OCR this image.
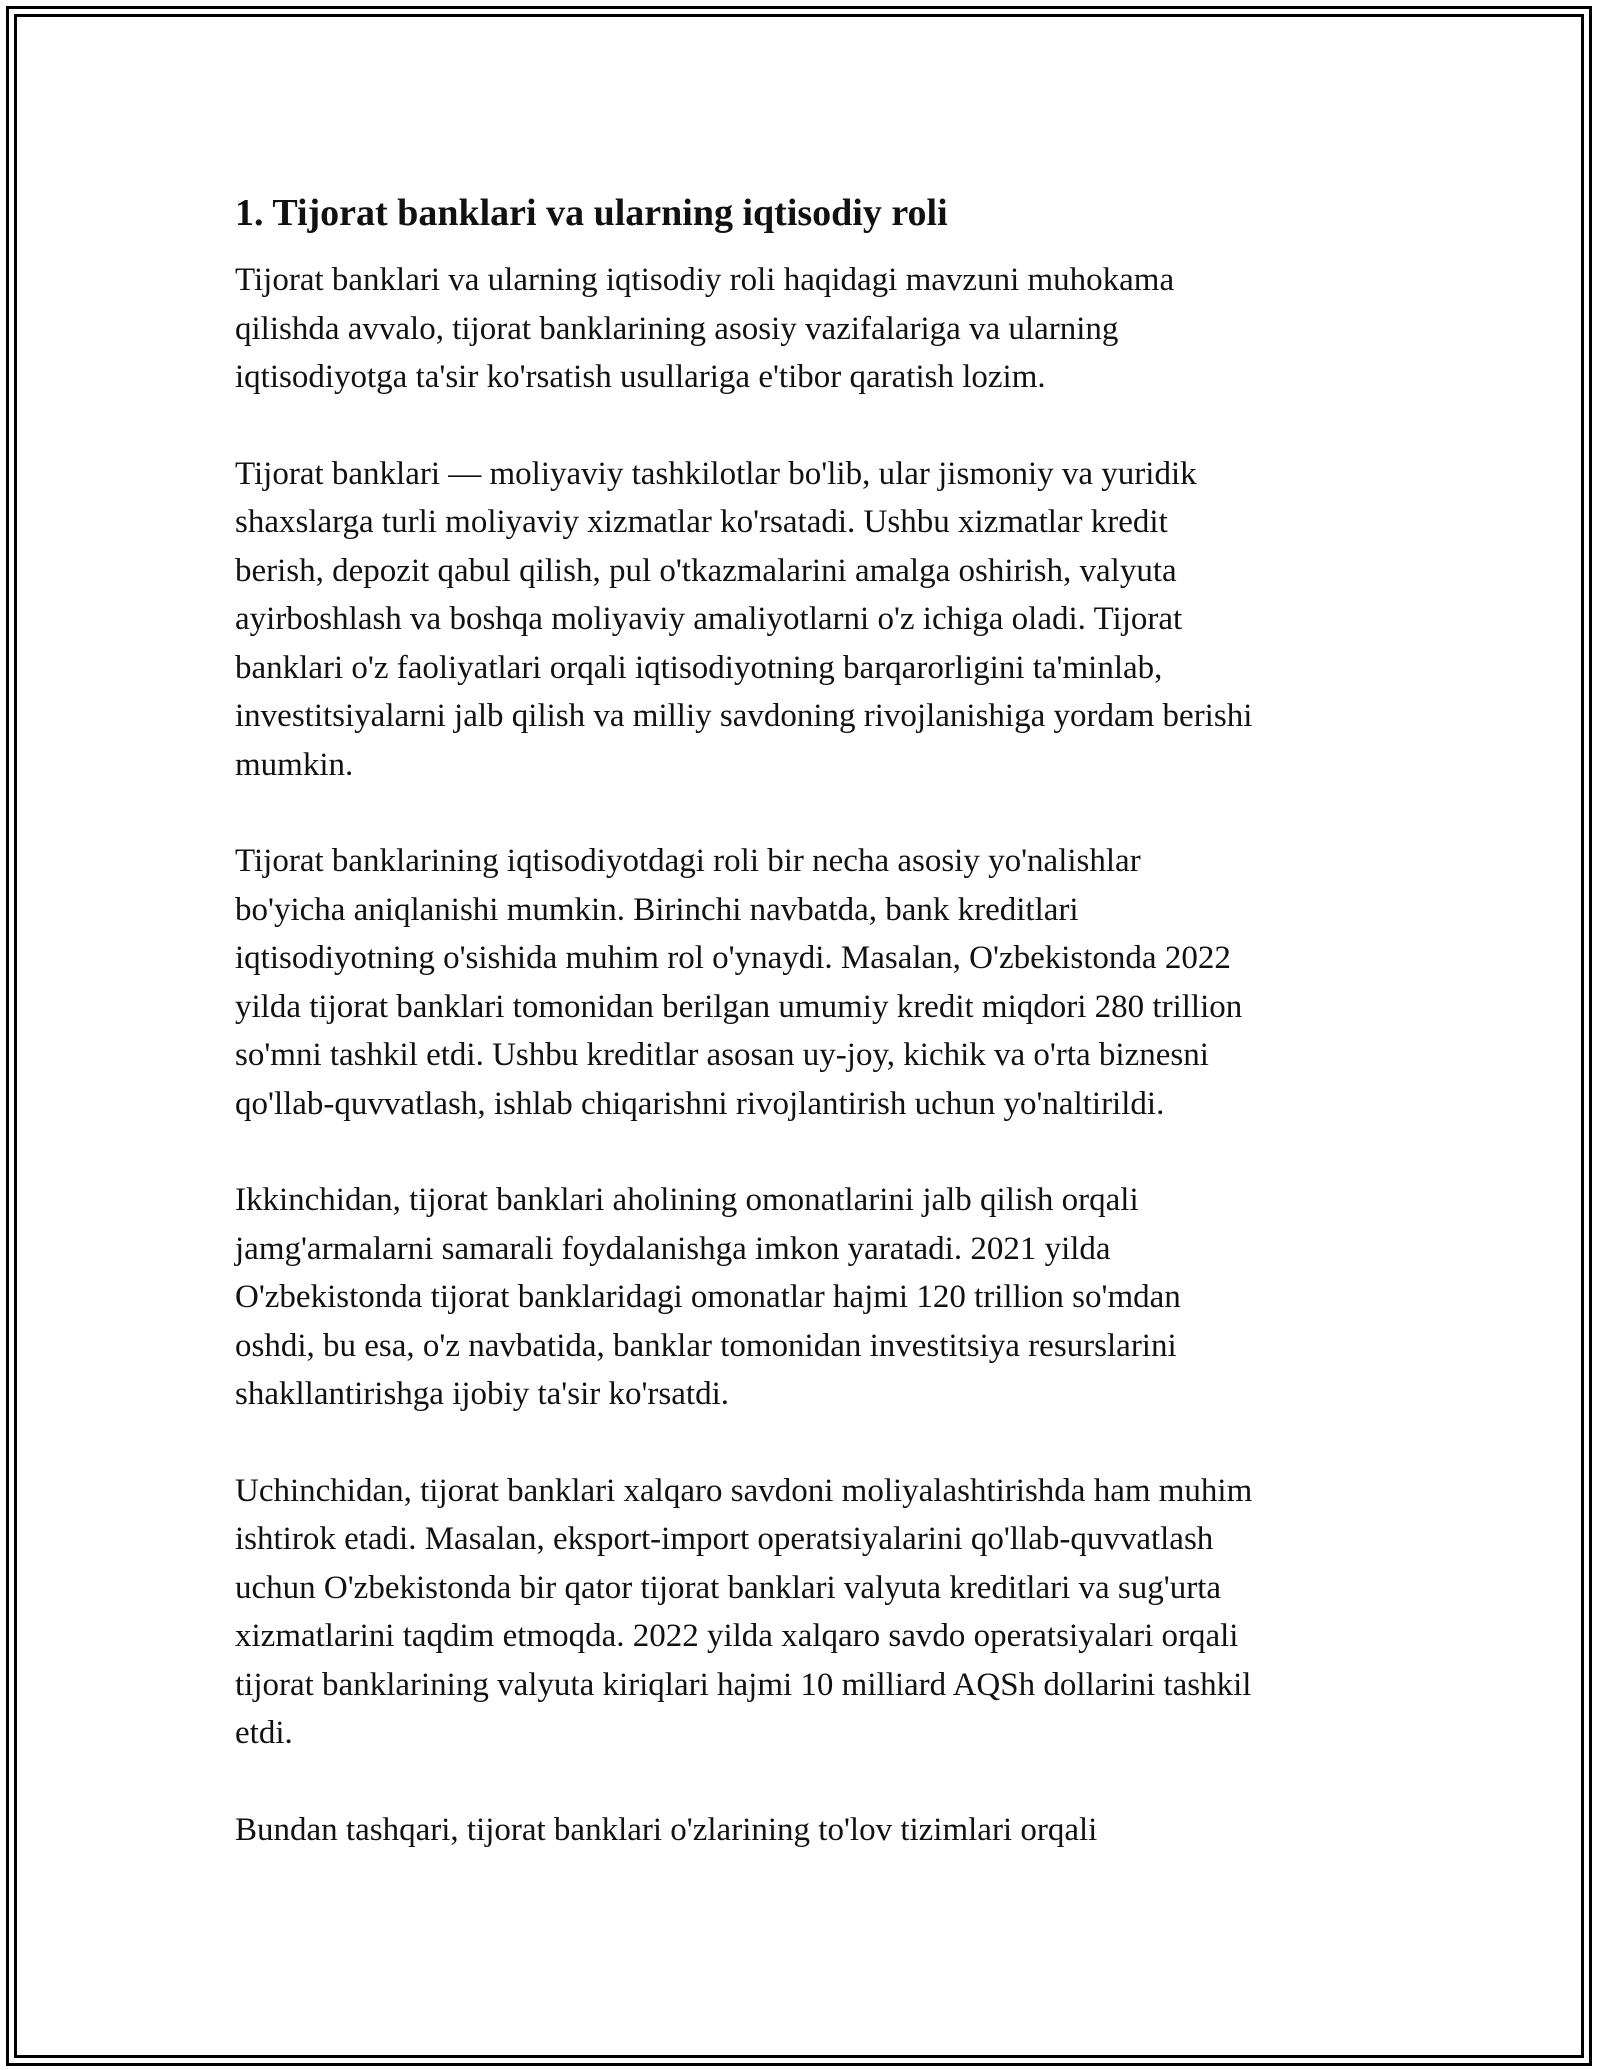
1. Tijorat banklari va ularning iqtisodiy roli

Tijorat banklari va ularning iqtisodiy roli haqidagi mavzuni muhokama
qilishda avvalo, tijorat banklarining asosiy vazifalariga va ularning
iqtisodiyotga ta'sir ko'rsatish usullariga e'tibor qaratish lozim.

Tijorat banklari — moliyaviy tashkilotlar bo'lib, ular jismoniy va yuridik
shaxslarga turli moliyaviy xizmatlar ko'rsatadi. Ushbu xizmatlar kredit
berish, depozit qabul qilish, pul o'tkazmalarini amalga oshirish, valyuta
ayirboshlash va boshqa moliyaviy amaliyotlarni o'z ichiga oladi. Tijorat
banklari o'z faoliyatlari orqali iqtisodiyotning barqarorligini ta'minlab,
investitsiyalarni jalb qilish va milliy savdoning rivojlanishiga yordam berishi
mumkin.

Tijorat banklarining iqtisodiyotdagi roli bir necha asosiy yo'nalishlar
bo'yicha aniqlanishi mumkin. Birinchi navbatda, bank kreditlari
iqtisodiyotning o'sishida muhim rol o'ynaydi. Masalan, O'zbekistonda 2022
yilda tijorat banklari tomonidan berilgan umumiy kredit miqdori 280 trillion
so'mni tashkil etdi. Ushbu kreditlar asosan uy-joy, kichik va o'rta biznesni
qo'llab-quvvatlash, ishlab chiqarishni rivojlantirish uchun yo'naltirildi.

Ikkinchidan, tijorat banklari aholining omonatlarini jalb qilish orqali
jamg'armalarni samarali foydalanishga imkon yaratadi. 2021 yilda
O'zbekistonda tijorat banklaridagi omonatlar hajmi 120 trillion so'mdan
oshdi, bu esa, o'z navbatida, banklar tomonidan investitsiya resurslarini
shakllantirishga ijobiy ta'sir ko'rsatdi.

Uchinchidan, tijorat banklari xalqaro savdoni moliyalashtirishda ham muhim
ishtirok etadi. Masalan, eksport-import operatsiyalarini qo'llab-quvvatlash
uchun O'zbekistonda bir qator tijorat banklari valyuta kreditlari va sug'urta
xizmatlarini taqdim etmoqda. 2022 yilda xalqaro savdo operatsiyalari orqali
tijorat banklarining valyuta kiriqlari hajmi 10 milliard AQSh dollarini tashkil
etdi.

Bundan tashqari, tijorat banklari o'zlarining to'lov tizimlari orqali
